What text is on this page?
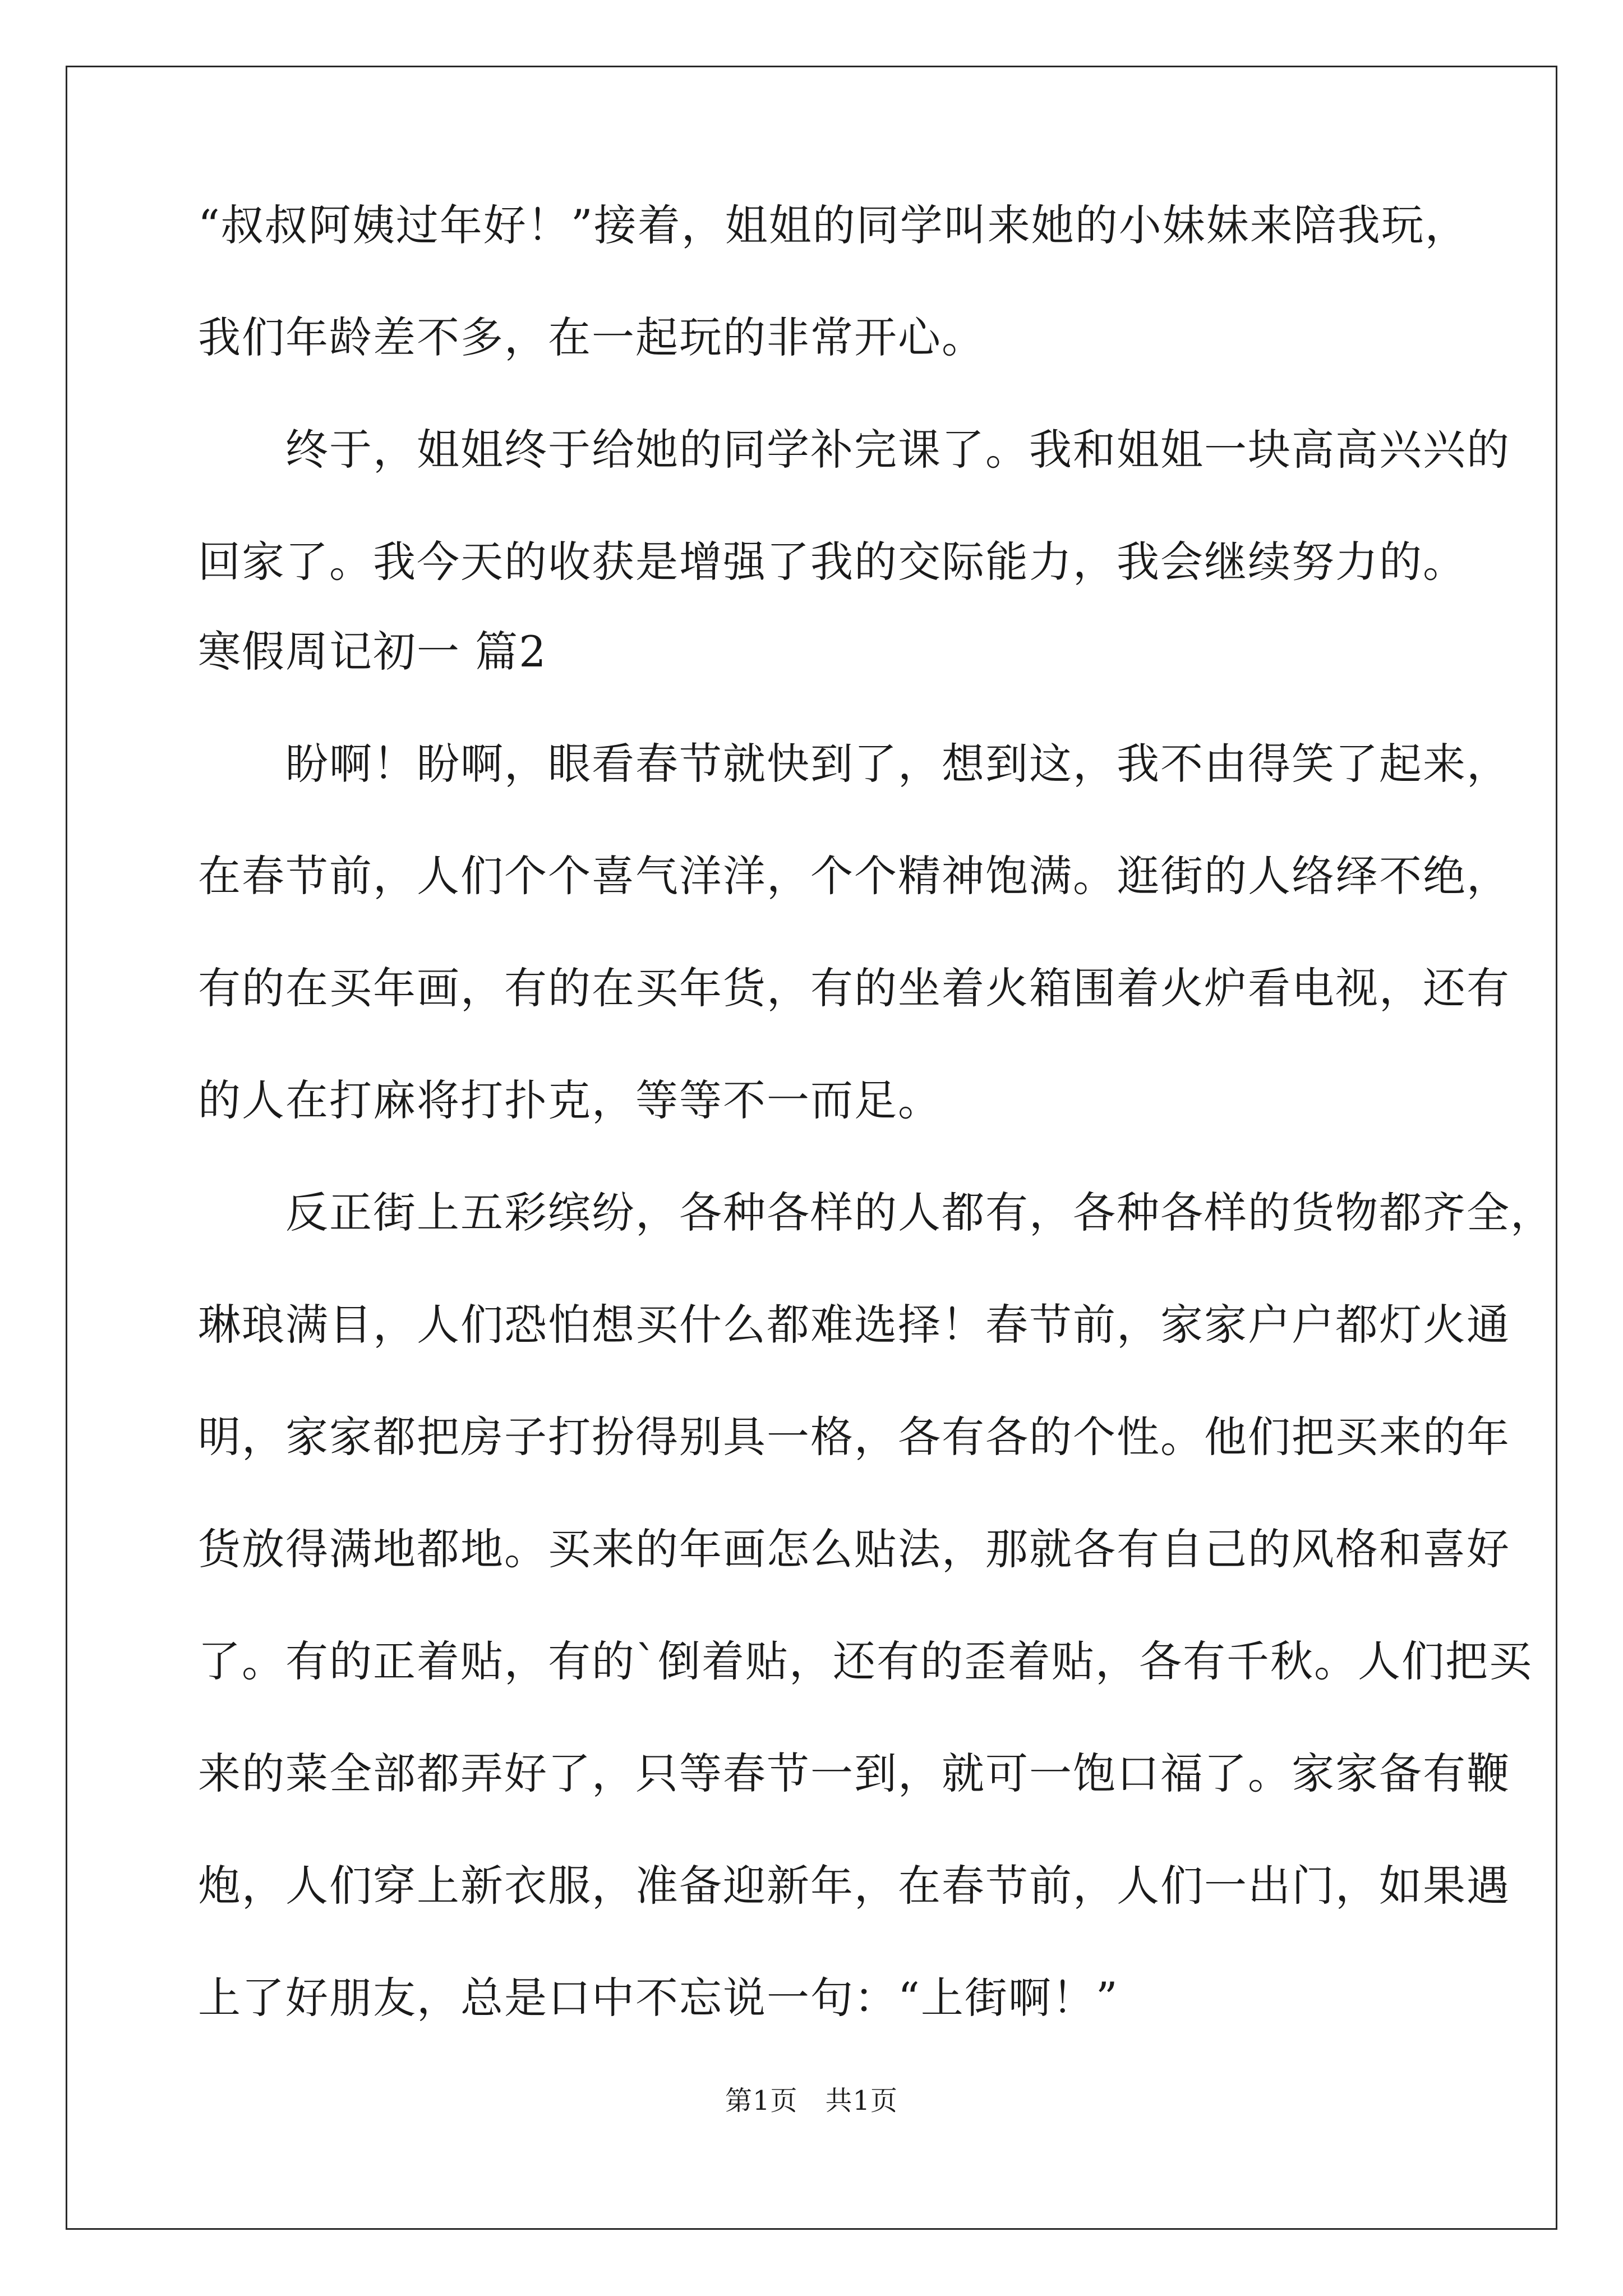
“叔叔阿姨过年好！”接着，姐姐的同学叫来她的小妹妹来陪我玩，

我们年龄差不多，在一起玩的非常开心。

终于，姐姐终于给她的同学补完课了。我和姐姐一块高高兴兴的

回家了。我今天的收获是增强了我的交际能力，我会继续努力的。

寒假周记初一 篇2

盼啊！盼啊，眼看春节就快到了，想到这，我不由得笑了起来，

在春节前，人们个个喜气洋洋，个个精神饱满。逛街的人络绎不绝，

有的在买年画，有的在买年货，有的坐着火箱围着火炉看电视，还有

的人在打麻将打扑克，等等不一而足。

反正街上五彩缤纷，各种各样的人都有，各种各样的货物都齐全，

琳琅满目，人们恐怕想买什么都难选择！春节前，家家户户都灯火通

明，家家都把房子打扮得别具一格，各有各的个性。他们把买来的年

货放得满地都地。买来的年画怎么贴法，那就各有自己的风格和喜好

了。有的正着贴，有的`倒着贴，还有的歪着贴，各有千秋。人们把买

来的菜全部都弄好了，只等春节一到，就可一饱口福了。家家备有鞭

炮，人们穿上新衣服，准备迎新年，在春节前，人们一出门，如果遇

上了好朋友，总是口中不忘说一句：“上街啊！”

第1页　共1页
